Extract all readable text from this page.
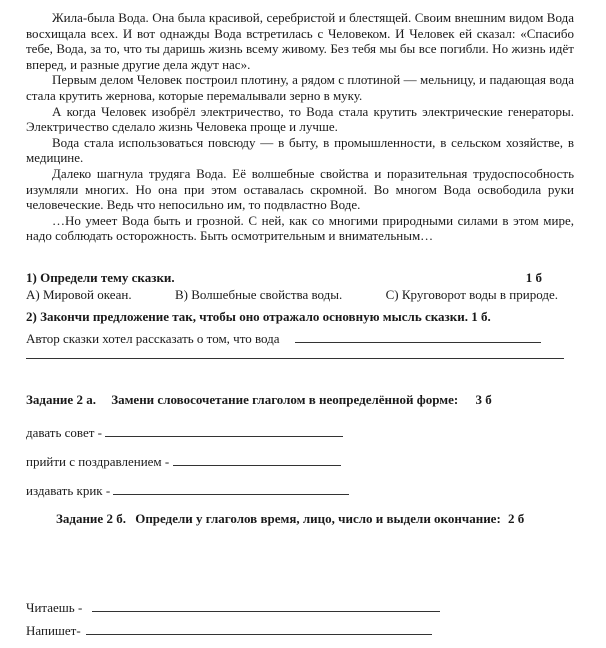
Жила-была Вода. Она была красивой, серебристой и блестящей. Своим внешним видом Вода восхищала всех. И вот однажды Вода встретилась с Человеком. И Человек ей сказал: «Спасибо тебе, Вода, за то, что ты даришь жизнь всему живому. Без тебя мы бы все погибли. Но жизнь идёт вперед, и разные другие дела ждут нас».

Первым делом Человек построил плотину, а рядом с плотиной — мельницу, и падающая вода стала крутить жернова, которые перемалывали зерно в муку.

А когда Человек изобрёл электричество, то Вода стала крутить электрические генераторы. Электричество сделало жизнь Человека проще и лучше.

Вода стала использоваться повсюду — в быту, в промышленности, в сельском хозяйстве, в медицине.

Далеко шагнула трудяга Вода. Её волшебные свойства и поразительная трудоспособность изумляли многих. Но она при этом оставалась скромной. Во многом Вода освободила руки человеческие. Ведь что непосильно им, то подвластно Воде.

…Но умеет Вода быть и грозной. С ней, как со многими природными силами в этом мире, надо соблюдать осторожность. Быть осмотрительным и внимательным…

1) Определи тему сказки.	1 б
А) Мировой океан.	В) Волшебные свойства воды.	С) Круговорот воды в природе.
2) Закончи предложение так, чтобы оно отражало основную мысль сказки. 1 б.
Автор сказки хотел рассказать о том, что вода
Задание 2 а. Замени словосочетание глаголом в неопределённой форме: 3 б
давать совет -
прийти с поздравлением -
издавать крик -
Задание 2 б. Определи у глаголов время, лицо, число и выдели окончание: 2 б
Читаешь -
Напишет-
